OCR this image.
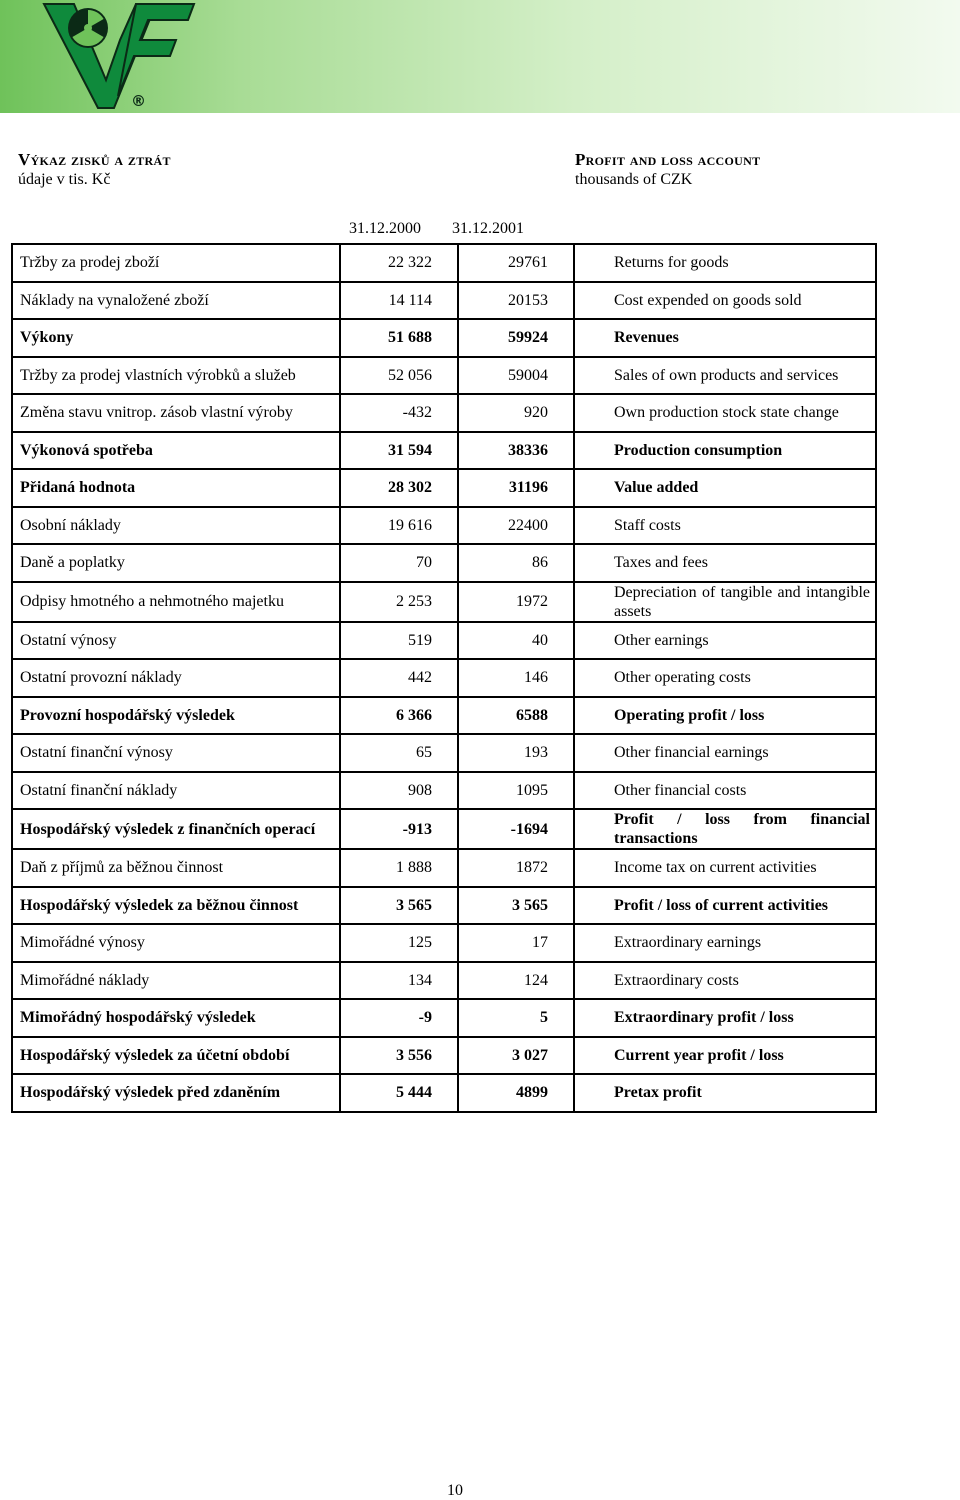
®
Výkaz zisků a ztrát
údaje v tis. Kč
Profit and loss account
thousands of CZK
31.12.2000 31.12.2001
Tržby za prodej zboží	22 322	29761	Returns for goods
Náklady na vynaložené zboží	14 114	20153	Cost expended on goods sold
Výkony	51 688	59924	Revenues
Tržby za prodej vlastních výrobků a služeb	52 056	59004	Sales of own products and services
Změna stavu vnitrop. zásob vlastní výroby	-432	920	Own production stock state change
Výkonová spotřeba	31 594	38336	Production consumption
Přidaná hodnota	28 302	31196	Value added
Osobní náklady	19 616	22400	Staff costs
Daně a poplatky	70	86	Taxes and fees
Odpisy hmotného a nehmotného majetku	2 253	1972	Depreciation of tangible and intangible assets
Ostatní výnosy	519	40	Other earnings
Ostatní provozní náklady	442	146	Other operating costs
Provozní hospodářský výsledek	6 366	6588	Operating profit / loss
Ostatní finanční výnosy	65	193	Other financial earnings
Ostatní finanční náklady	908	1095	Other financial costs
Hospodářský výsledek z finančních operací	-913	-1694	Profit / loss from financial transactions
Daň z příjmů za běžnou činnost	1 888	1872	Income tax on current activities
Hospodářský výsledek za běžnou činnost	3 565	3 565	Profit / loss of current activities
Mimořádné výnosy	125	17	Extraordinary earnings
Mimořádné náklady	134	124	Extraordinary costs
Mimořádný hospodářský výsledek	-9	5	Extraordinary profit / loss
Hospodářský výsledek za účetní období	3 556	3 027	Current year profit / loss
Hospodářský výsledek před zdaněním	5 444	4899	Pretax profit
10
